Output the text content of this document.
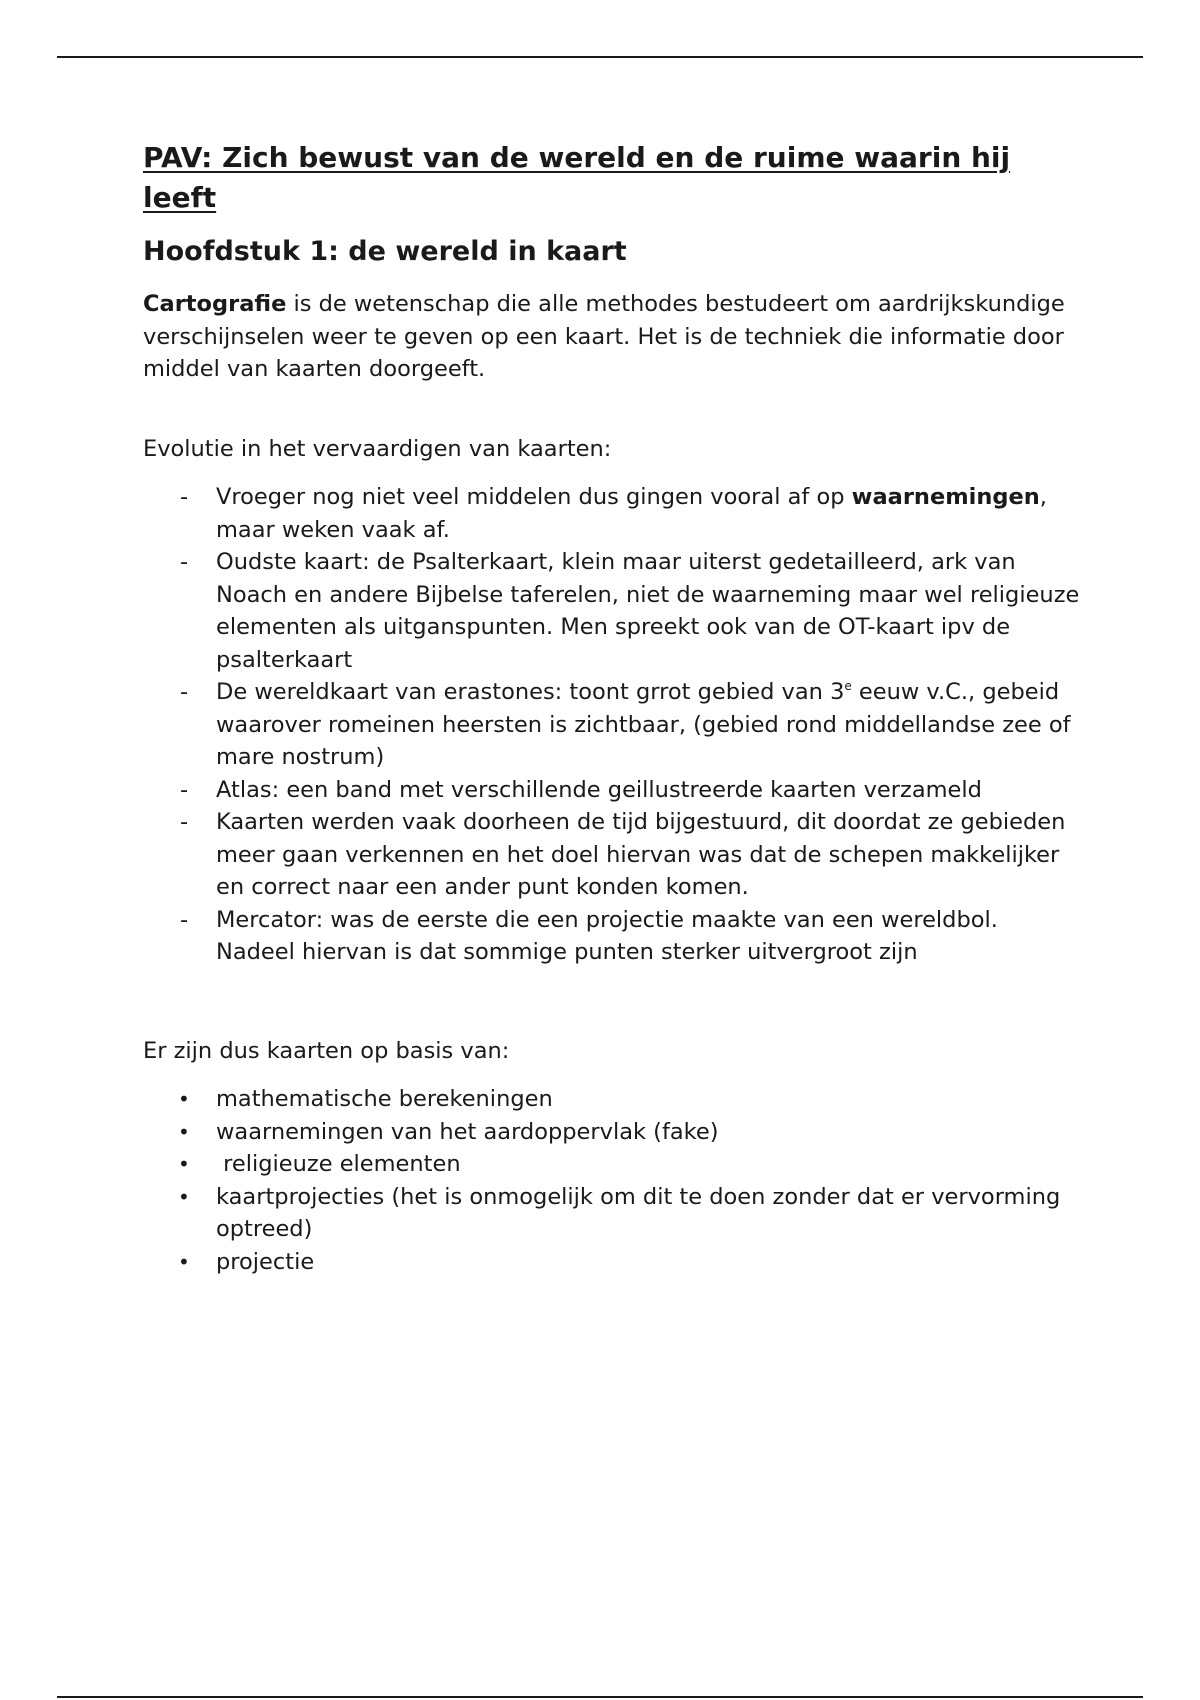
PAV: Zich bewust van de wereld en de ruime waarin hij leeft
Hoofdstuk 1: de wereld in kaart

Cartografie is de wetenschap die alle methodes bestudeert om aardrijkskundige verschijnselen weer te geven op een kaart. Het is de techniek die informatie door middel van kaarten doorgeeft.

Evolutie in het vervaardigen van kaarten:

- Vroeger nog niet veel middelen dus gingen vooral af op waarnemingen, maar weken vaak af.
- Oudste kaart: de Psalterkaart, klein maar uiterst gedetailleerd, ark van Noach en andere Bijbelse taferelen, niet de waarneming maar wel religieuze elementen als uitganspunten. Men spreekt ook van de OT-kaart ipv de psalterkaart
- De wereldkaart van erastones: toont grrot gebied van 3e eeuw v.C., gebeid waarover romeinen heersten is zichtbaar, (gebied rond middellandse zee of mare nostrum)
- Atlas: een band met verschillende geillustreerde kaarten verzameld
- Kaarten werden vaak doorheen de tijd bijgestuurd, dit doordat ze gebieden meer gaan verkennen en het doel hiervan was dat de schepen makkelijker en correct naar een ander punt konden komen.
- Mercator: was de eerste die een projectie maakte van een wereldbol. Nadeel hiervan is dat sommige punten sterker uitvergroot zijn

Er zijn dus kaarten op basis van:

• mathematische berekeningen
• waarnemingen van het aardoppervlak (fake)
• religieuze elementen
• kaartprojecties (het is onmogelijk om dit te doen zonder dat er vervorming optreed)
• projectie
